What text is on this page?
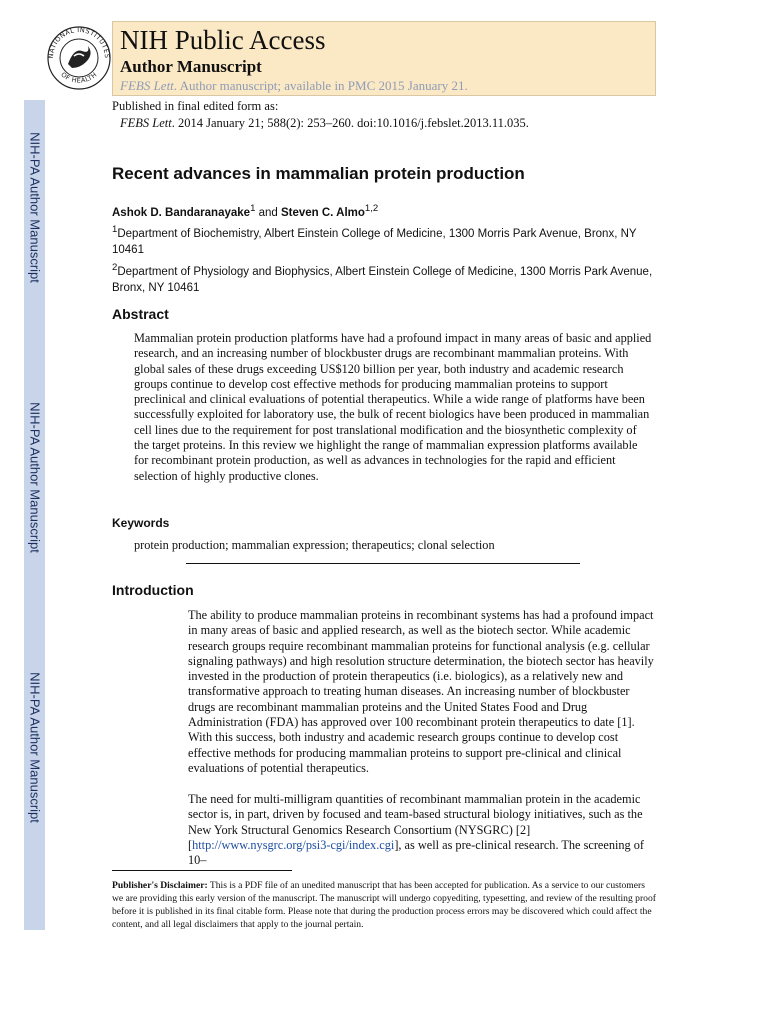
NIH-PA Author Manuscript
NIH-PA Author Manuscript
NIH-PA Author Manuscript
NATIONAL INSTITUTES
OF HEALTH
NIH Public Access
Author Manuscript
FEBS Lett. Author manuscript; available in PMC 2015 January 21.
Published in final edited form as:
FEBS Lett. 2014 January 21; 588(2): 253–260. doi:10.1016/j.febslet.2013.11.035.
Recent advances in mammalian protein production
Ashok D. Bandaranayake$^1$ and Steven C. Almo$^{1,2}$
$^1$Department of Biochemistry, Albert Einstein College of Medicine, 1300 Morris Park Avenue, Bronx, NY 10461
$^2$Department of Physiology and Biophysics, Albert Einstein College of Medicine, 1300 Morris Park Avenue, Bronx, NY 10461
Abstract
Mammalian protein production platforms have had a profound impact in many areas of basic and applied research, and an increasing number of blockbuster drugs are recombinant mammalian proteins. With global sales of these drugs exceeding US$120 billion per year, both industry and academic research groups continue to develop cost effective methods for producing mammalian proteins to support preclinical and clinical evaluations of potential therapeutics. While a wide range of platforms have been successfully exploited for laboratory use, the bulk of recent biologics have been produced in mammalian cell lines due to the requirement for post translational modification and the biosynthetic complexity of the target proteins. In this review we highlight the range of mammalian expression platforms available for recombinant protein production, as well as advances in technologies for the rapid and efficient selection of highly productive clones.
Keywords
protein production; mammalian expression; therapeutics; clonal selection
Introduction
The ability to produce mammalian proteins in recombinant systems has had a profound impact in many areas of basic and applied research, as well as the biotech sector. While academic research groups require recombinant mammalian proteins for functional analysis (e.g. cellular signaling pathways) and high resolution structure determination, the biotech sector has heavily invested in the production of protein therapeutics (i.e. biologics), as a relatively new and transformative approach to treating human diseases. An increasing number of blockbuster drugs are recombinant mammalian proteins and the United States Food and Drug Administration (FDA) has approved over 100 recombinant protein therapeutics to date [1]. With this success, both industry and academic research groups continue to develop cost effective methods for producing mammalian proteins to support pre-clinical and clinical evaluations of potential therapeutics.
The need for multi-milligram quantities of recombinant mammalian protein in the academic sector is, in part, driven by focused and team-based structural biology initiatives, such as the New York Structural Genomics Research Consortium (NYSGRC) [2] [http://www.nysgrc.org/psi3-cgi/index.cgi], as well as pre-clinical research. The screening of 10–
Publisher's Disclaimer: This is a PDF file of an unedited manuscript that has been accepted for publication. As a service to our customers we are providing this early version of the manuscript. The manuscript will undergo copyediting, typesetting, and review of the resulting proof before it is published in its final citable form. Please note that during the production process errors may be discovered which could affect the content, and all legal disclaimers that apply to the journal pertain.
